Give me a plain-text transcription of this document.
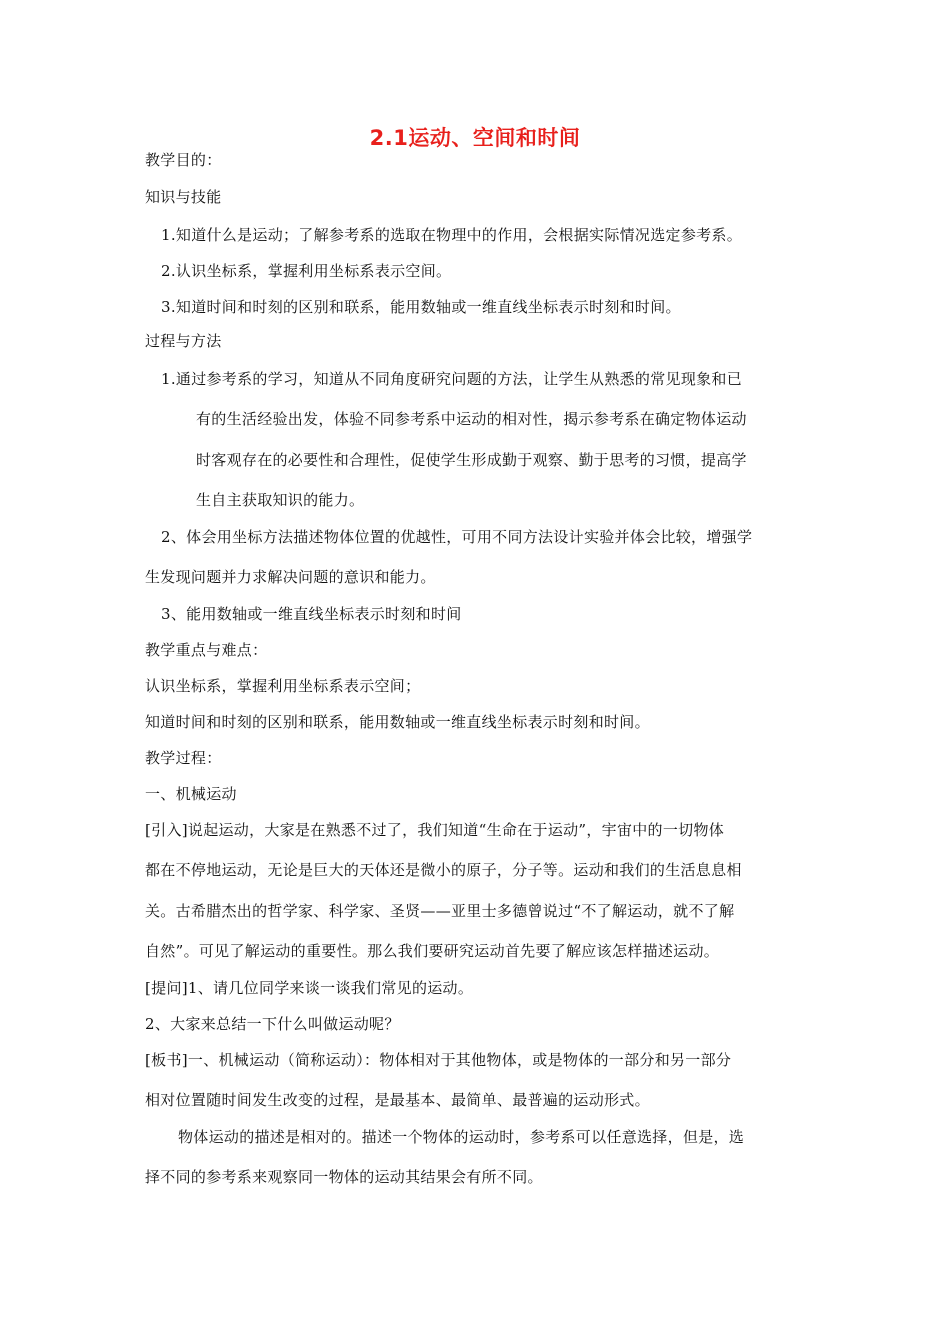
2.1运动、空间和时间
教学目的：
知识与技能
1.知道什么是运动；了解参考系的选取在物理中的作用，会根据实际情况选定参考系。
2.认识坐标系，掌握利用坐标系表示空间。
3.知道时间和时刻的区别和联系，能用数轴或一维直线坐标表示时刻和时间。
过程与方法
1.通过参考系的学习，知道从不同角度研究问题的方法，让学生从熟悉的常见现象和已
有的生活经验出发，体验不同参考系中运动的相对性，揭示参考系在确定物体运动
时客观存在的必要性和合理性，促使学生形成勤于观察、勤于思考的习惯，提高学
生自主获取知识的能力。
2、体会用坐标方法描述物体位置的优越性，可用不同方法设计实验并体会比较，增强学
生发现问题并力求解决问题的意识和能力。
3、能用数轴或一维直线坐标表示时刻和时间
教学重点与难点：
认识坐标系，掌握利用坐标系表示空间；
知道时间和时刻的区别和联系，能用数轴或一维直线坐标表示时刻和时间。
教学过程：
一、机械运动
[引入]说起运动，大家是在熟悉不过了，我们知道“生命在于运动”，宇宙中的一切物体
都在不停地运动，无论是巨大的天体还是微小的原子，分子等。运动和我们的生活息息相
关。古希腊杰出的哲学家、科学家、圣贤——亚里士多德曾说过“不了解运动，就不了解
自然”。可见了解运动的重要性。那么我们要研究运动首先要了解应该怎样描述运动。
[提问]1、请几位同学来谈一谈我们常见的运动。
2、大家来总结一下什么叫做运动呢？
[板书]一、机械运动（简称运动）：物体相对于其他物体，或是物体的一部分和另一部分
相对位置随时间发生改变的过程，是最基本、最简单、最普遍的运动形式。
物体运动的描述是相对的。描述一个物体的运动时，参考系可以任意选择，但是，选
择不同的参考系来观察同一物体的运动其结果会有所不同。
